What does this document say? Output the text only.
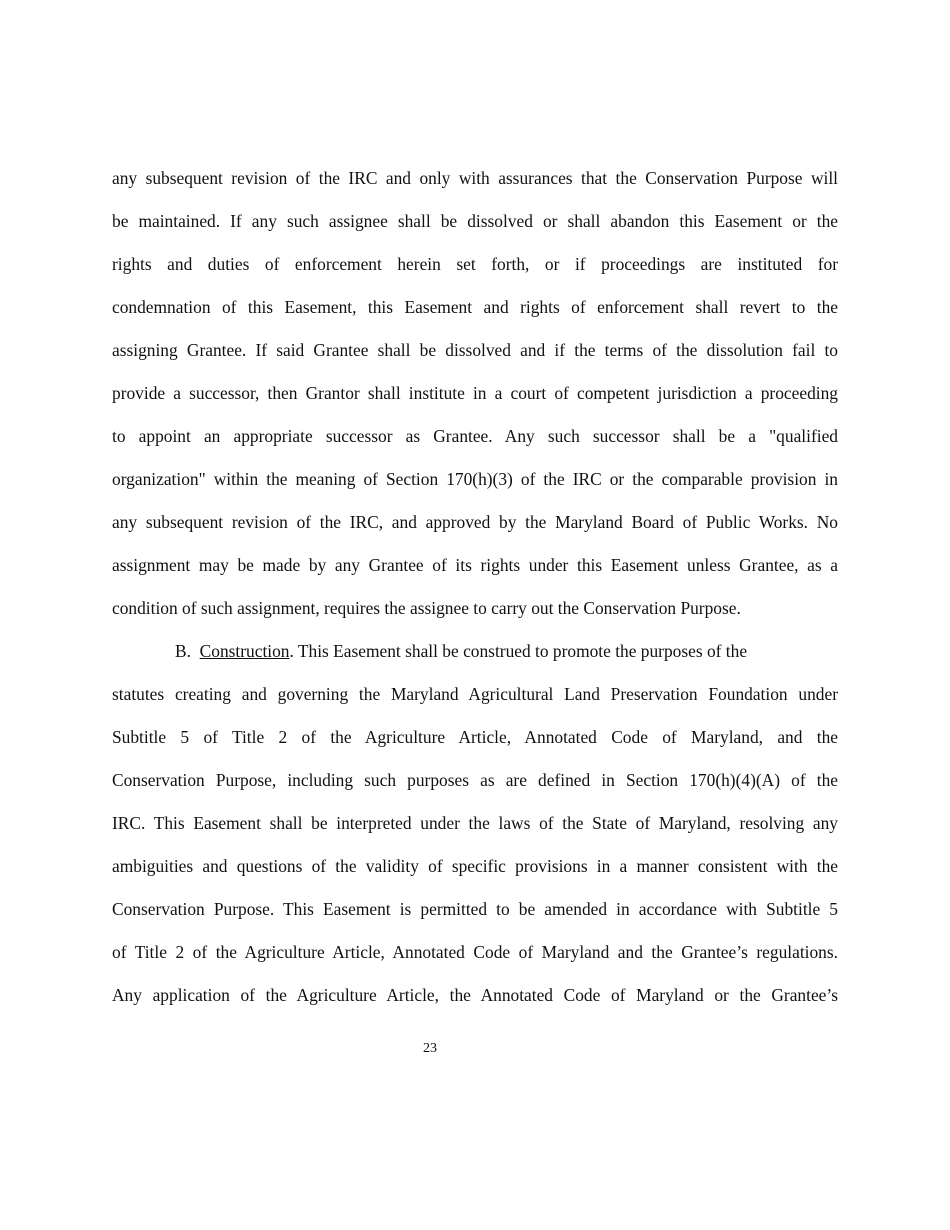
any subsequent revision of the IRC and only with assurances that the Conservation Purpose will
be maintained. If any such assignee shall be dissolved or shall abandon this Easement or the
rights and duties of enforcement herein set forth, or if proceedings are instituted for
condemnation of this Easement, this Easement and rights of enforcement shall revert to the
assigning Grantee. If said Grantee shall be dissolved and if the terms of the dissolution fail to
provide a successor, then Grantor shall institute in a court of competent jurisdiction a proceeding
to appoint an appropriate successor as Grantee. Any such successor shall be a "qualified
organization" within the meaning of Section 170(h)(3) of the IRC or the comparable provision in
any subsequent revision of the IRC, and approved by the Maryland Board of Public Works. No
assignment may be made by any Grantee of its rights under this Easement unless Grantee, as a
condition of such assignment, requires the assignee to carry out the Conservation Purpose.
B. Construction. This Easement shall be construed to promote the purposes of the
statutes creating and governing the Maryland Agricultural Land Preservation Foundation under
Subtitle 5 of Title 2 of the Agriculture Article, Annotated Code of Maryland, and the
Conservation Purpose, including such purposes as are defined in Section 170(h)(4)(A) of the
IRC. This Easement shall be interpreted under the laws of the State of Maryland, resolving any
ambiguities and questions of the validity of specific provisions in a manner consistent with the
Conservation Purpose. This Easement is permitted to be amended in accordance with Subtitle 5
of Title 2 of the Agriculture Article, Annotated Code of Maryland and the Grantee’s regulations.
Any application of the Agriculture Article, the Annotated Code of Maryland or the Grantee’s
23
